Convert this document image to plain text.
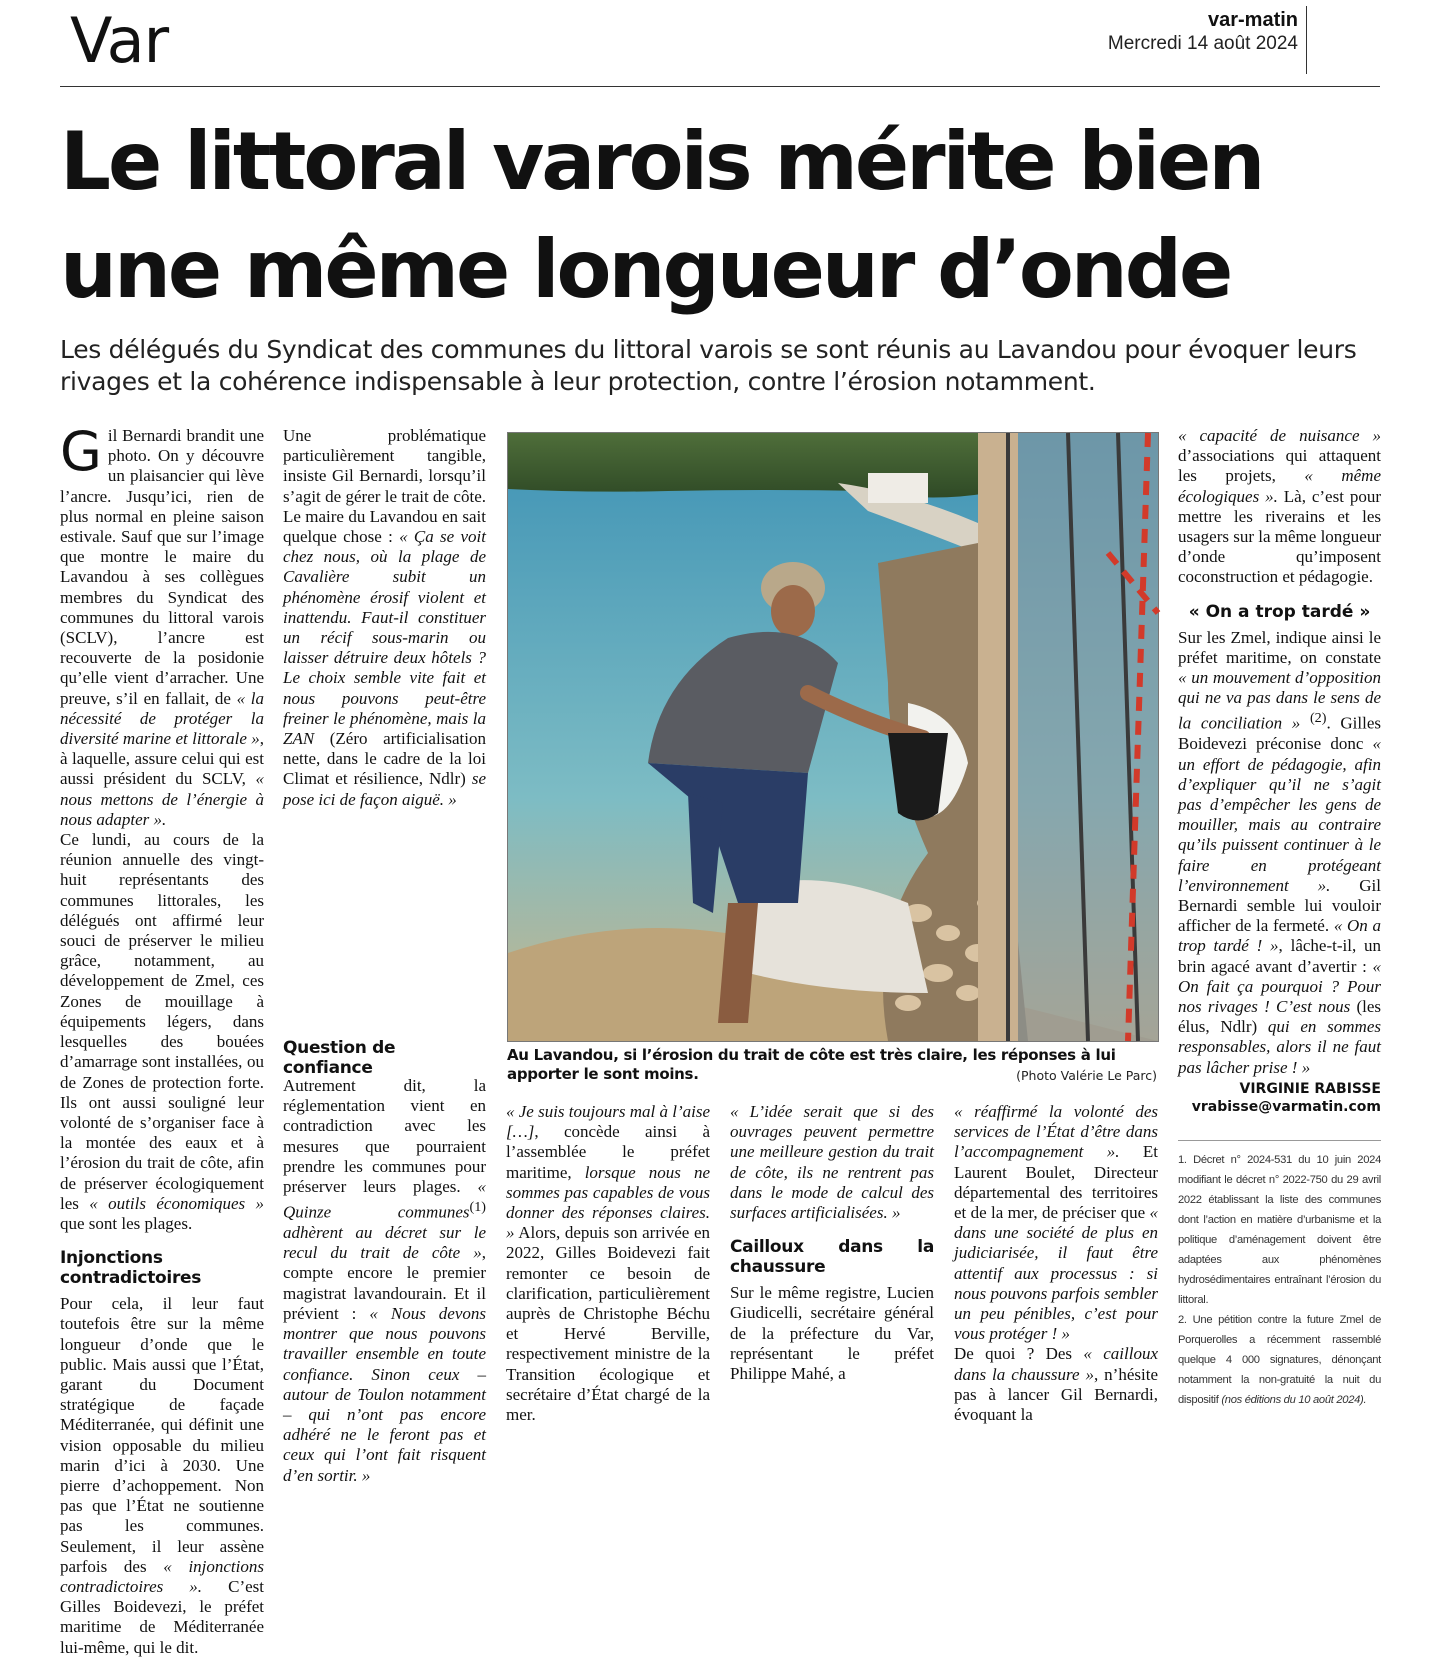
Var	var-matin
Mercredi 14 août 2024
Le littoral varois mérite bien une même longueur d’onde
Les délégués du Syndicat des communes du littoral varois se sont réunis au Lavandou pour évoquer leurs rivages et la cohérence indispensable à leur protection, contre l’érosion notamment.

Gil Bernardi brandit une photo. On y découvre un plaisancier qui lève l’ancre. Jusqu’ici, rien de plus normal en pleine saison estivale. Sauf que sur l’image que montre le maire du Lavandou à ses collègues membres du Syndicat des communes du littoral varois (SCLV), l’ancre est recouverte de la posidonie qu’elle vient d’arracher. Une preuve, s’il en fallait, de « la nécessité de protéger la diversité marine et littorale », à laquelle, assure celui qui est aussi président du SCLV, « nous mettons de l’énergie à nous adapter ».

Ce lundi, au cours de la réunion annuelle des vingt-huit représentants des communes littorales, les délégués ont affirmé leur souci de préserver le milieu grâce, notamment, au développement de Zmel, ces Zones de mouillage à équipements légers, dans lesquelles des bouées d’amarrage sont installées, ou de Zones de protection forte. Ils ont aussi souligné leur volonté de s’organiser face à la montée des eaux et à l’érosion du trait de côte, afin de préserver écologiquement les « outils économiques » que sont les plages.

Injonctions contradictoires

Pour cela, il leur faut toutefois être sur la même longueur d’onde que le public. Mais aussi que l’État, garant du Document stratégique de façade Méditerranée, qui définit une vision opposable du milieu marin d’ici à 2030. Une pierre d’achoppement. Non pas que l’État ne soutienne pas les communes. Seulement, il leur assène parfois des « injonctions contradictoires ». C’est Gilles Boidevezi, le préfet maritime de Méditerranée lui-même, qui le dit.

Une problématique particulièrement tangible, insiste Gil Bernardi, lorsqu’il s’agit de gérer le trait de côte. Le maire du Lavandou en sait quelque chose : « Ça se voit chez nous, où la plage de Cavalière subit un phénomène érosif violent et inattendu. Faut-il constituer un récif sous-marin ou laisser détruire deux hôtels ? Le choix semble vite fait et nous pouvons peut-être freiner le phénomène, mais la ZAN (Zéro artificialisation nette, dans le cadre de la loi Climat et résilience, Ndlr) se pose ici de façon aiguë. »

Question de confiance

Autrement dit, la réglementation vient en contradiction avec les mesures que pourraient prendre les communes pour préserver leurs plages. « Quinze communes$^{(1)}$ adhèrent au décret sur le recul du trait de côte », compte encore le premier magistrat lavandourain. Et il prévient : « Nous devons montrer que nous pouvons travailler ensemble en toute confiance. Sinon ceux – autour de Toulon notamment – qui n’ont pas encore adhéré ne le feront pas et ceux qui l’ont fait risquent d’en sortir. »

Au Lavandou, si l’érosion du trait de côte est très claire, les réponses à lui apporter le sont moins.	(Photo Valérie Le Parc)

« Je suis toujours mal à l’aise […], concède ainsi à l’assemblée le préfet maritime, lorsque nous ne sommes pas capables de vous donner des réponses claires. » Alors, depuis son arrivée en 2022, Gilles Boidevezi fait remonter ce besoin de clarification, particulièrement auprès de Christophe Béchu et Hervé Berville, respectivement ministre de la Transition écologique et secrétaire d’État chargé de la mer.

« L’idée serait que si des ouvrages peuvent permettre une meilleure gestion du trait de côte, ils ne rentrent pas dans le mode de calcul des surfaces artificialisées. »

Cailloux dans la chaussure

Sur le même registre, Lucien Giudicelli, secrétaire général de la préfecture du Var, représentant le préfet Philippe Mahé, a

« réaffirmé la volonté des services de l’État d’être dans l’accompagnement ». Et Laurent Boulet, Directeur départemental des territoires et de la mer, de préciser que « dans une société de plus en judiciarisée, il faut être attentif aux processus : si nous pouvons parfois sembler un peu pénibles, c’est pour vous protéger ! »

De quoi ? Des « cailloux dans la chaussure », n’hésite pas à lancer Gil Bernardi, évoquant la

« capacité de nuisance » d’associations qui attaquent les projets, « même écologiques ». Là, c’est pour mettre les riverains et les usagers sur la même longueur d’onde qu’imposent coconstruction et pédagogie.

« On a trop tardé »

Sur les Zmel, indique ainsi le préfet maritime, on constate « un mouvement d’opposition qui ne va pas dans le sens de la conciliation » $^{(2)}$. Gilles Boidevezi préconise donc « un effort de pédagogie, afin d’expliquer qu’il ne s’agit pas d’empêcher les gens de mouiller, mais au contraire qu’ils puissent continuer à le faire en protégeant l’environnement ». Gil Bernardi semble lui vouloir afficher de la fermeté. « On a trop tardé ! », lâche-t-il, un brin agacé avant d’avertir : « On fait ça pourquoi ? Pour nos rivages ! C’est nous (les élus, Ndlr) qui en sommes responsables, alors il ne faut pas lâcher prise ! »

VIRGINIE RABISSE
vrabisse@varmatin.com

1. Décret n° 2024-531 du 10 juin 2024 modifiant le décret n° 2022-750 du 29 avril 2022 établissant la liste des communes dont l’action en matière d’urbanisme et la politique d’aménagement doivent être adaptées aux phénomènes hydrosédimentaires entraînant l’érosion du littoral.

2. Une pétition contre la future Zmel de Porquerolles a récemment rassemblé quelque 4 000 signatures, dénonçant notamment la non-gratuité la nuit du dispositif (nos éditions du 10 août 2024).
